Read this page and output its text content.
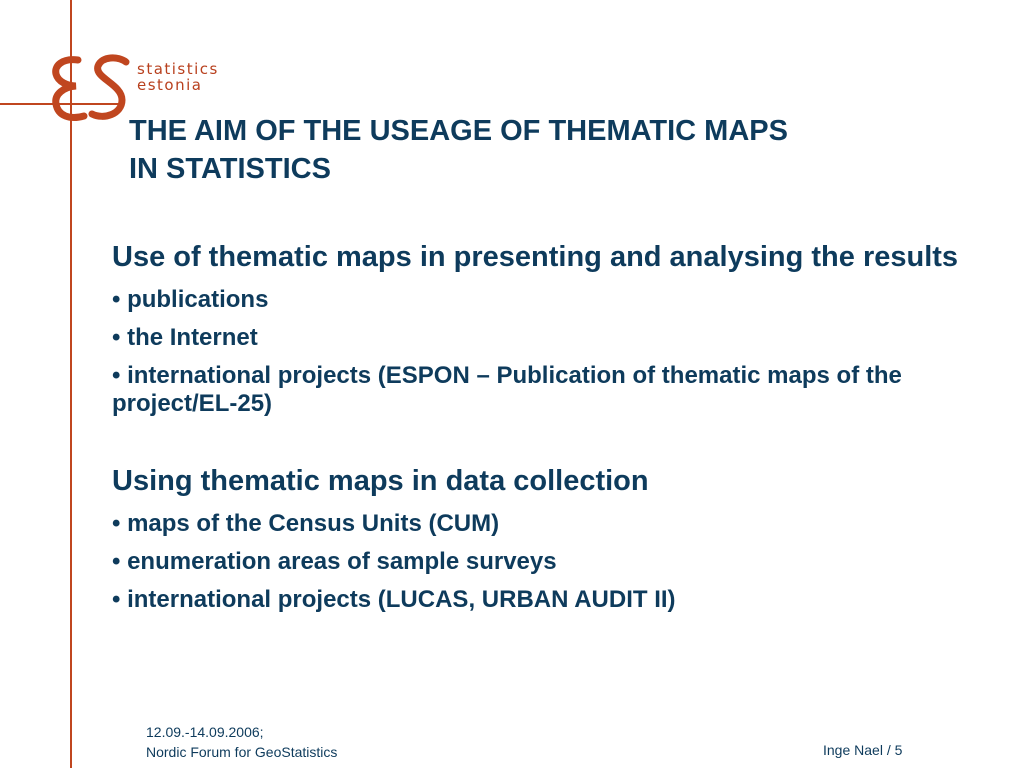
statistics
estonia
THE AIM OF THE USEAGE OF THEMATIC MAPS
IN STATISTICS
Use of thematic maps in presenting and analysing the results
• publications
• the Internet
• international projects (ESPON – Publication of thematic maps of the project/EL-25)
Using thematic maps in data collection
• maps of the Census Units (CUM)
• enumeration areas of sample surveys
• international projects (LUCAS, URBAN AUDIT II)
12.09.-14.09.2006;
Nordic Forum for GeoStatistics	Inge Nael / 5
